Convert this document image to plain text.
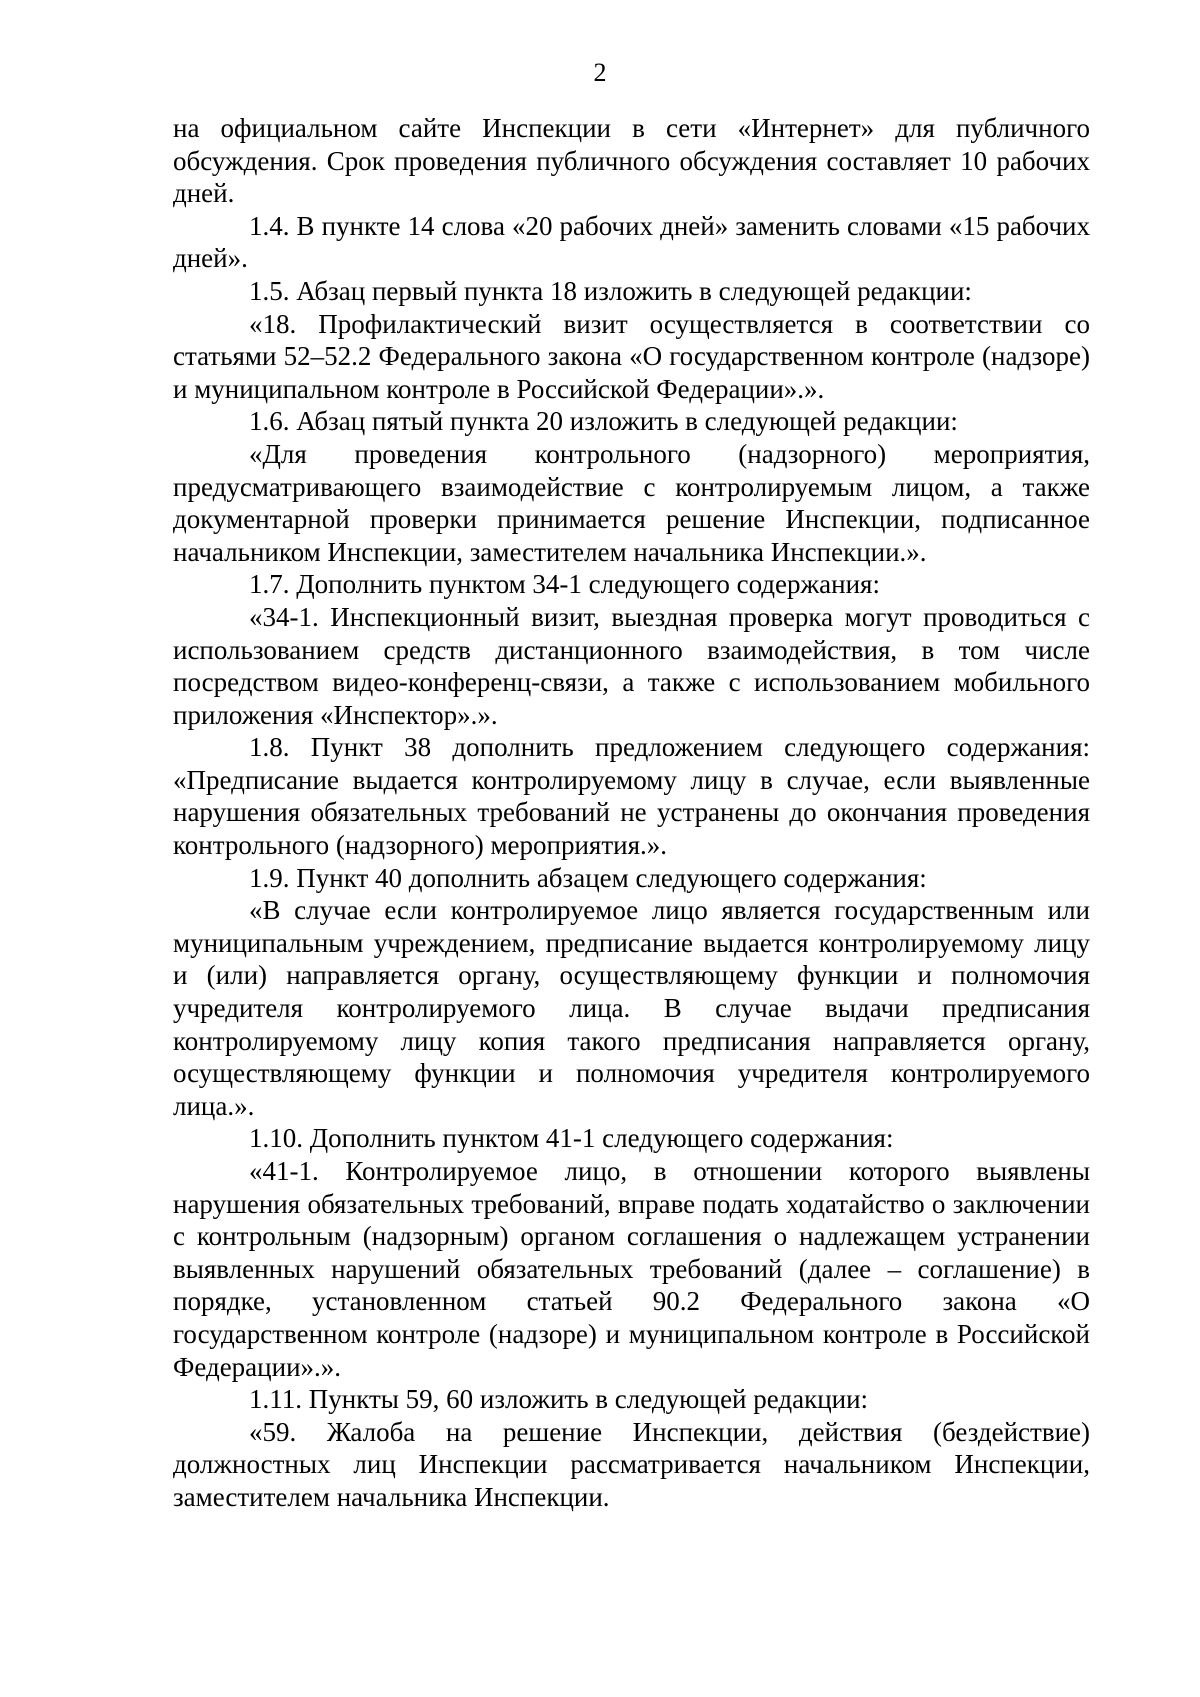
2

на официальном сайте Инспекции в сети «Интернет» для публичного обсуждения. Срок проведения публичного обсуждения составляет 10 рабочих дней.

1.4. В пункте 14 слова «20 рабочих дней» заменить словами «15 рабочих дней».

1.5. Абзац первый пункта 18 изложить в следующей редакции:

«18. Профилактический визит осуществляется в соответствии со статьями 52–52.2 Федерального закона «О государственном контроле (надзоре) и муниципальном контроле в Российской Федерации».».

1.6. Абзац пятый пункта 20 изложить в следующей редакции:

«Для проведения контрольного (надзорного) мероприятия, предусматривающего взаимодействие с контролируемым лицом, а также документарной проверки принимается решение Инспекции, подписанное начальником Инспекции, заместителем начальника Инспекции.».

1.7. Дополнить пунктом 34-1 следующего содержания:

«34-1. Инспекционный визит, выездная проверка могут проводиться с использованием средств дистанционного взаимодействия, в том числе посредством видео-конференц-связи, а также с использованием мобильного приложения «Инспектор».».

1.8. Пункт 38 дополнить предложением следующего содержания: «Предписание выдается контролируемому лицу в случае, если выявленные нарушения обязательных требований не устранены до окончания проведения контрольного (надзорного) мероприятия.».

1.9. Пункт 40 дополнить абзацем следующего содержания:

«В случае если контролируемое лицо является государственным или муниципальным учреждением, предписание выдается контролируемому лицу и (или) направляется органу, осуществляющему функции и полномочия учредителя контролируемого лица. В случае выдачи предписания контролируемому лицу копия такого предписания направляется органу, осуществляющему функции и полномочия учредителя контролируемого лица.».

1.10. Дополнить пунктом 41-1 следующего содержания:

«41-1. Контролируемое лицо, в отношении которого выявлены нарушения обязательных требований, вправе подать ходатайство о заключении с контрольным (надзорным) органом соглашения о надлежащем устранении выявленных нарушений обязательных требований (далее – соглашение) в порядке, установленном статьей 90.2 Федерального закона «О государственном контроле (надзоре) и муниципальном контроле в Российской Федерации».».

1.11. Пункты 59, 60 изложить в следующей редакции:

«59. Жалоба на решение Инспекции, действия (бездействие) должностных лиц Инспекции рассматривается начальником Инспекции, заместителем начальника Инспекции.
